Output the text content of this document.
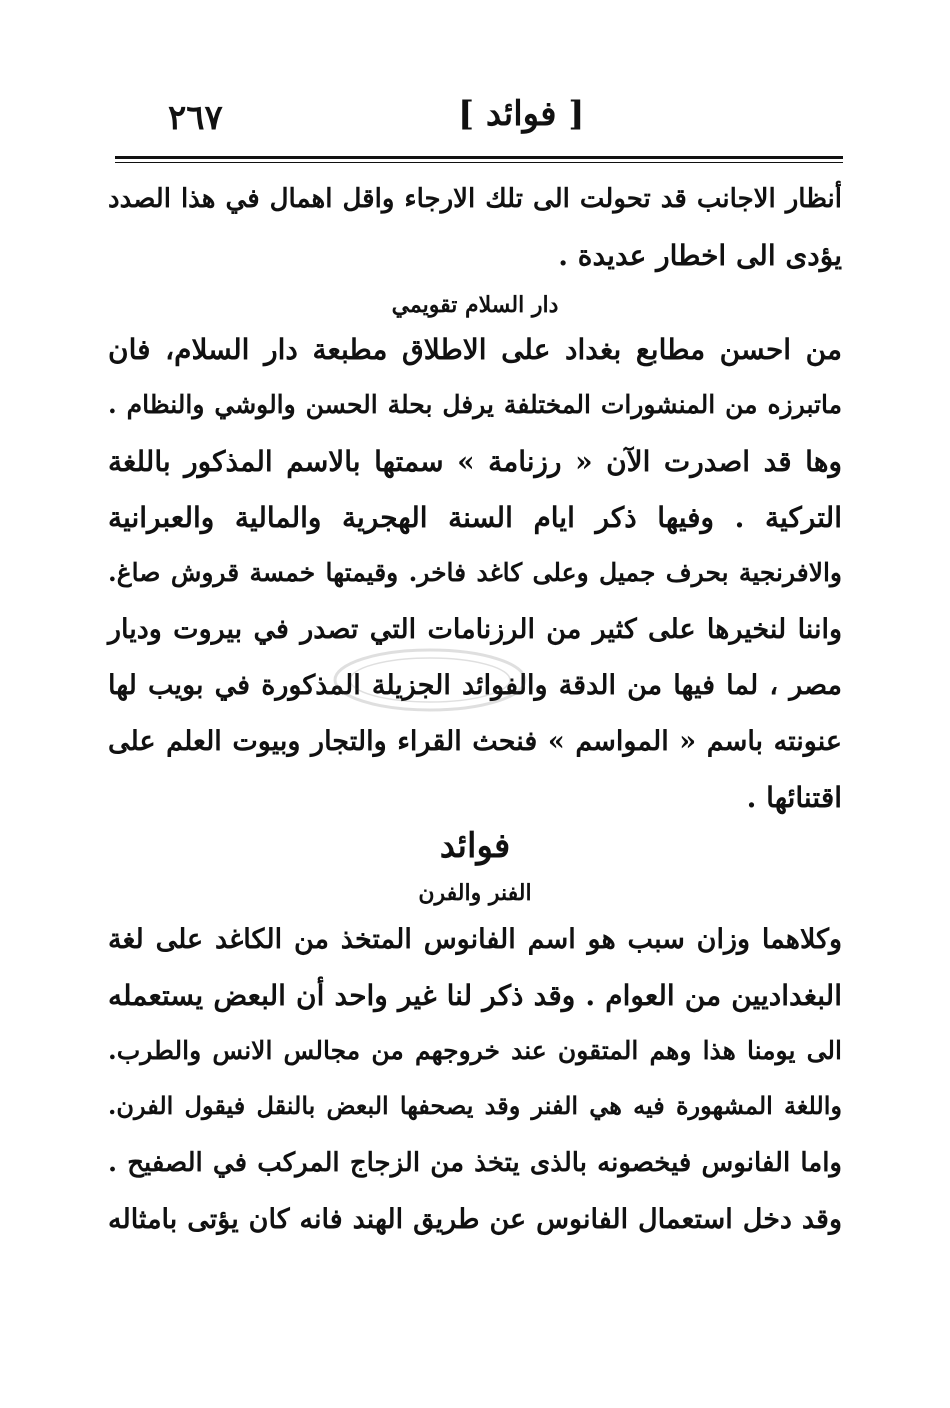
٢٦٧	[ فوائد ]
أنظار الاجانب قد تحولت الى تلك الارجاء واقل اهمال في هذا الصدد
يؤدى الى اخطار عديدة .
دار السلام تقويمي
من احسن مطابع بغداد على الاطلاق مطبعة دار السلام، فان
ماتبرزه من المنشورات المختلفة يرفل بحلة الحسن والوشي والنظام .
وها قد اصدرت الآن « رزنامة » سمتها بالاسم المذكور باللغة
التركية . وفيها ذكر ايام السنة الهجرية والمالية والعبرانية
والافرنجية بحرف جميل وعلى كاغد فاخر. وقيمتها خمسة قروش صاغ.
واننا لنخيرها على كثير من الرزنامات التي تصدر في بيروت وديار
مصر ، لما فيها من الدقة والفوائد الجزيلة المذكورة في بويب لها
عنونته باسم « المواسم » فنحث القراء والتجار وبيوت العلم على
اقتنائها .
فوائد
الفنر والفرن
وكلاهما وزان سبب هو اسم الفانوس المتخذ من الكاغد على لغة
البغداديين من العوام . وقد ذكر لنا غير واحد أن البعض يستعمله
الى يومنا هذا وهم المتقون عند خروجهم من مجالس الانس والطرب.
واللغة المشهورة فيه هي الفنر وقد يصحفها البعض بالنقل فيقول الفرن.
واما الفانوس فيخصونه بالذى يتخذ من الزجاج المركب في الصفيح .
وقد دخل استعمال الفانوس عن طريق الهند فانه كان يؤتى بامثاله
